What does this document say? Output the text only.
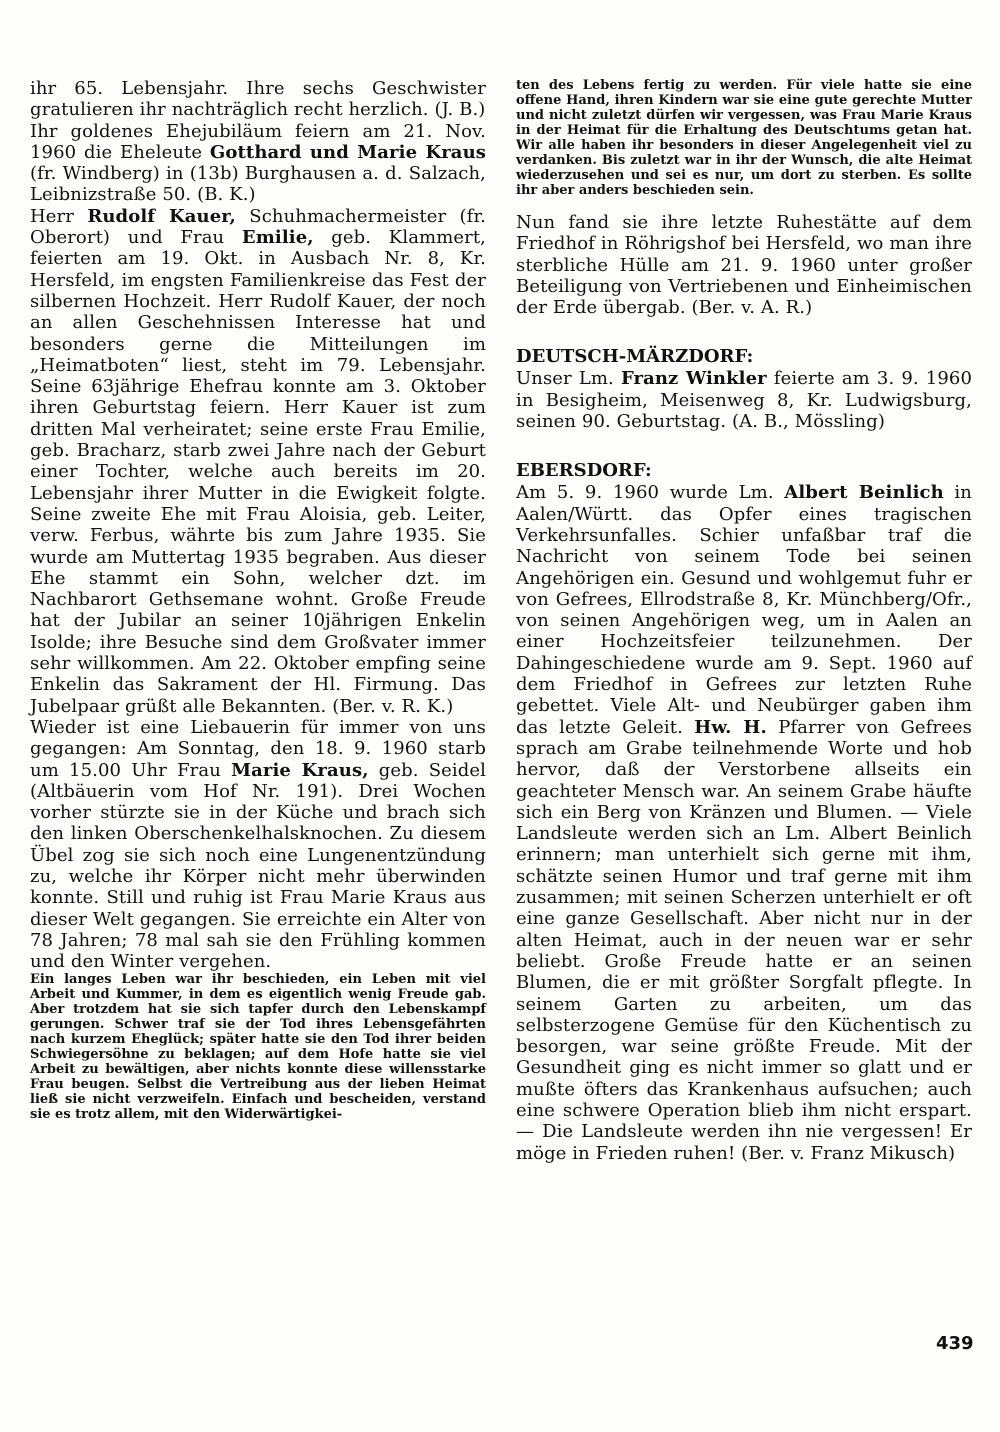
ihr 65. Lebensjahr. Ihre sechs Geschwister gratulieren ihr nachträglich recht herzlich. (J. B.)

Ihr goldenes Ehejubiläum feiern am 21. Nov. 1960 die Eheleute Gotthard und Marie Kraus (fr. Windberg) in (13b) Burghausen a. d. Salzach, Leibnizstraße 50. (B. K.)

Herr Rudolf Kauer, Schuhmachermeister (fr. Oberort) und Frau Emilie, geb. Klammert, feierten am 19. Okt. in Ausbach Nr. 8, Kr. Hersfeld, im engsten Familienkreise das Fest der silbernen Hochzeit. Herr Rudolf Kauer, der noch an allen Geschehnissen Interesse hat und besonders gerne die Mitteilungen im „Heimatboten“ liest, steht im 79. Lebensjahr. Seine 63jährige Ehefrau konnte am 3. Oktober ihren Geburtstag feiern. Herr Kauer ist zum dritten Mal verheiratet; seine erste Frau Emilie, geb. Bracharz, starb zwei Jahre nach der Geburt einer Tochter, welche auch bereits im 20. Lebensjahr ihrer Mutter in die Ewigkeit folgte. Seine zweite Ehe mit Frau Aloisia, geb. Leiter, verw. Ferbus, währte bis zum Jahre 1935. Sie wurde am Muttertag 1935 begraben. Aus dieser Ehe stammt ein Sohn, welcher dzt. im Nachbarort Gethsemane wohnt. Große Freude hat der Jubilar an seiner 10jährigen Enkelin Isolde; ihre Besuche sind dem Großvater immer sehr willkommen. Am 22. Oktober empfing seine Enkelin das Sakrament der Hl. Firmung. Das Jubelpaar grüßt alle Bekannten. (Ber. v. R. K.)

Wieder ist eine Liebauerin für immer von uns gegangen: Am Sonntag, den 18. 9. 1960 starb um 15.00 Uhr Frau Marie Kraus, geb. Seidel (Altbäuerin vom Hof Nr. 191). Drei Wochen vorher stürzte sie in der Küche und brach sich den linken Oberschenkelhalsknochen. Zu diesem Übel zog sie sich noch eine Lungenentzündung zu, welche ihr Körper nicht mehr überwinden konnte. Still und ruhig ist Frau Marie Kraus aus dieser Welt gegangen. Sie erreichte ein Alter von 78 Jahren; 78 mal sah sie den Frühling kommen und den Winter vergehen.

Ein langes Leben war ihr beschieden, ein Leben mit viel Arbeit und Kummer, in dem es eigentlich wenig Freude gab. Aber trotzdem hat sie sich tapfer durch den Lebenskampf gerungen. Schwer traf sie der Tod ihres Lebensgefährten nach kurzem Eheglück; später hatte sie den Tod ihrer beiden Schwiegersöhne zu beklagen; auf dem Hofe hatte sie viel Arbeit zu bewältigen, aber nichts konnte diese willensstarke Frau beugen. Selbst die Vertreibung aus der lieben Heimat ließ sie nicht verzweifeln. Einfach und bescheiden, verstand sie es trotz allem, mit den Widerwärtigkei-

ten des Lebens fertig zu werden. Für viele hatte sie eine offene Hand, ihren Kindern war sie eine gute gerechte Mutter und nicht zuletzt dürfen wir vergessen, was Frau Marie Kraus in der Heimat für die Erhaltung des Deutschtums getan hat. Wir alle haben ihr besonders in dieser Angelegenheit viel zu verdanken. Bis zuletzt war in ihr der Wunsch, die alte Heimat wiederzusehen und sei es nur, um dort zu sterben. Es sollte ihr aber anders beschieden sein.

Nun fand sie ihre letzte Ruhestätte auf dem Friedhof in Röhrigshof bei Hersfeld, wo man ihre sterbliche Hülle am 21. 9. 1960 unter großer Beteiligung von Vertriebenen und Einheimischen der Erde übergab. (Ber. v. A. R.)

DEUTSCH-MÄRZDORF:

Unser Lm. Franz Winkler feierte am 3. 9. 1960 in Besigheim, Meisenweg 8, Kr. Ludwigsburg, seinen 90. Geburtstag. (A. B., Mössling)

EBERSDORF:

Am 5. 9. 1960 wurde Lm. Albert Beinlich in Aalen/Württ. das Opfer eines tragischen Verkehrsunfalles. Schier unfaßbar traf die Nachricht von seinem Tode bei seinen Angehörigen ein. Gesund und wohlgemut fuhr er von Gefrees, Ellrodstraße 8, Kr. Münchberg/Ofr., von seinen Angehörigen weg, um in Aalen an einer Hochzeitsfeier teilzunehmen. Der Dahingeschiedene wurde am 9. Sept. 1960 auf dem Friedhof in Gefrees zur letzten Ruhe gebettet. Viele Alt- und Neubürger gaben ihm das letzte Geleit. Hw. H. Pfarrer von Gefrees sprach am Grabe teilnehmende Worte und hob hervor, daß der Verstorbene allseits ein geachteter Mensch war. An seinem Grabe häufte sich ein Berg von Kränzen und Blumen. — Viele Landsleute werden sich an Lm. Albert Beinlich erinnern; man unterhielt sich gerne mit ihm, schätzte seinen Humor und traf gerne mit ihm zusammen; mit seinen Scherzen unterhielt er oft eine ganze Gesellschaft. Aber nicht nur in der alten Heimat, auch in der neuen war er sehr beliebt. Große Freude hatte er an seinen Blumen, die er mit größter Sorgfalt pflegte. In seinem Garten zu arbeiten, um das selbsterzogene Gemüse für den Küchentisch zu besorgen, war seine größte Freude. Mit der Gesundheit ging es nicht immer so glatt und er mußte öfters das Krankenhaus aufsuchen; auch eine schwere Operation blieb ihm nicht erspart. — Die Landsleute werden ihn nie vergessen! Er möge in Frieden ruhen! (Ber. v. Franz Mikusch)

439
